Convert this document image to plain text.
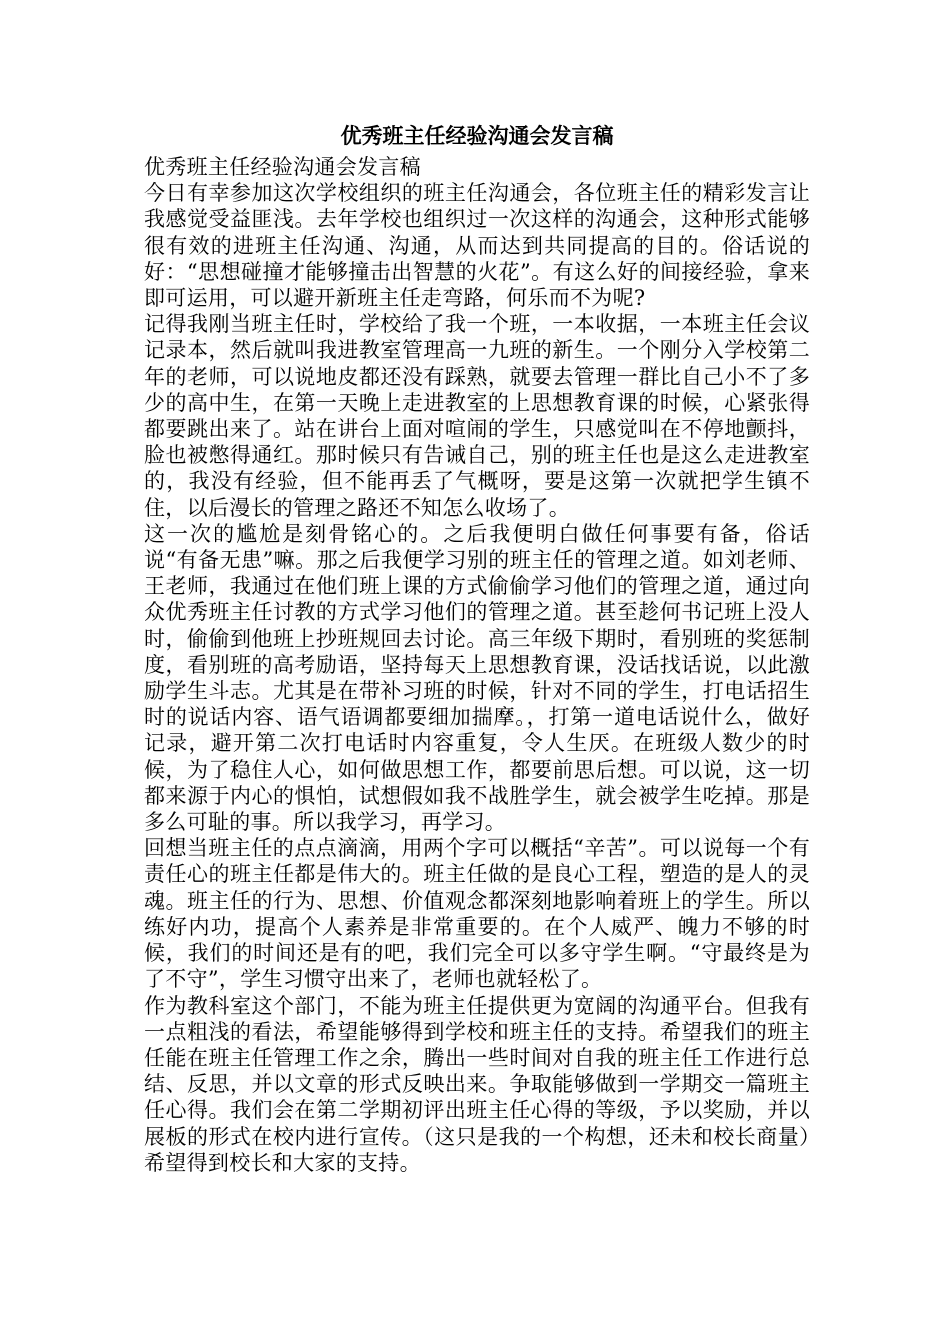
优秀班主任经验沟通会发言稿

优秀班主任经验沟通会发言稿

今日有幸参加这次学校组织的班主任沟通会，各位班主任的精彩发言让我感觉受益匪浅。去年学校也组织过一次这样的沟通会，这种形式能够很有效的进班主任沟通、沟通，从而达到共同提高的目的。俗话说的好：“思想碰撞才能够撞击出智慧的火花”。有这么好的间接经验，拿来即可运用，可以避开新班主任走弯路，何乐而不为呢?

记得我刚当班主任时，学校给了我一个班，一本收据，一本班主任会议记录本，然后就叫我进教室管理高一九班的新生。一个刚分入学校第二年的老师，可以说地皮都还没有踩熟，就要去管理一群比自己小不了多少的高中生，在第一天晚上走进教室的上思想教育课的时候，心紧张得都要跳出来了。站在讲台上面对喧闹的学生，只感觉叫在不停地颤抖，脸也被憋得通红。那时候只有告诫自己，别的班主任也是这么走进教室的，我没有经验，但不能再丢了气概呀，要是这第一次就把学生镇不住，以后漫长的管理之路还不知怎么收场了。

这一次的尴尬是刻骨铭心的。之后我便明白做任何事要有备，俗话说“有备无患”嘛。那之后我便学习别的班主任的管理之道。如刘老师、王老师，我通过在他们班上课的方式偷偷学习他们的管理之道，通过向众优秀班主任讨教的方式学习他们的管理之道。甚至趁何书记班上没人时，偷偷到他班上抄班规回去讨论。高三年级下期时，看别班的奖惩制度，看别班的高考励语，坚持每天上思想教育课，没话找话说，以此激励学生斗志。尤其是在带补习班的时候，针对不同的学生，打电话招生时的说话内容、语气语调都要细加揣摩。，打第一道电话说什么，做好记录，避开第二次打电话时内容重复，令人生厌。在班级人数少的时候，为了稳住人心，如何做思想工作，都要前思后想。可以说，这一切都来源于内心的惧怕，试想假如我不战胜学生，就会被学生吃掉。那是多么可耻的事。所以我学习，再学习。

回想当班主任的点点滴滴，用两个字可以概括“辛苦”。可以说每一个有责任心的班主任都是伟大的。班主任做的是良心工程，塑造的是人的灵魂。班主任的行为、思想、价值观念都深刻地影响着班上的学生。所以练好内功，提高个人素养是非常重要的。在个人威严、魄力不够的时候，我们的时间还是有的吧，我们完全可以多守学生啊。“守最终是为了不守”，学生习惯守出来了，老师也就轻松了。

作为教科室这个部门，不能为班主任提供更为宽阔的沟通平台。但我有一点粗浅的看法，希望能够得到学校和班主任的支持。希望我们的班主任能在班主任管理工作之余，腾出一些时间对自我的班主任工作进行总结、反思，并以文章的形式反映出来。争取能够做到一学期交一篇班主任心得。我们会在第二学期初评出班主任心得的等级，予以奖励，并以展板的形式在校内进行宣传。（这只是我的一个构想，还未和校长商量）希望得到校长和大家的支持。
